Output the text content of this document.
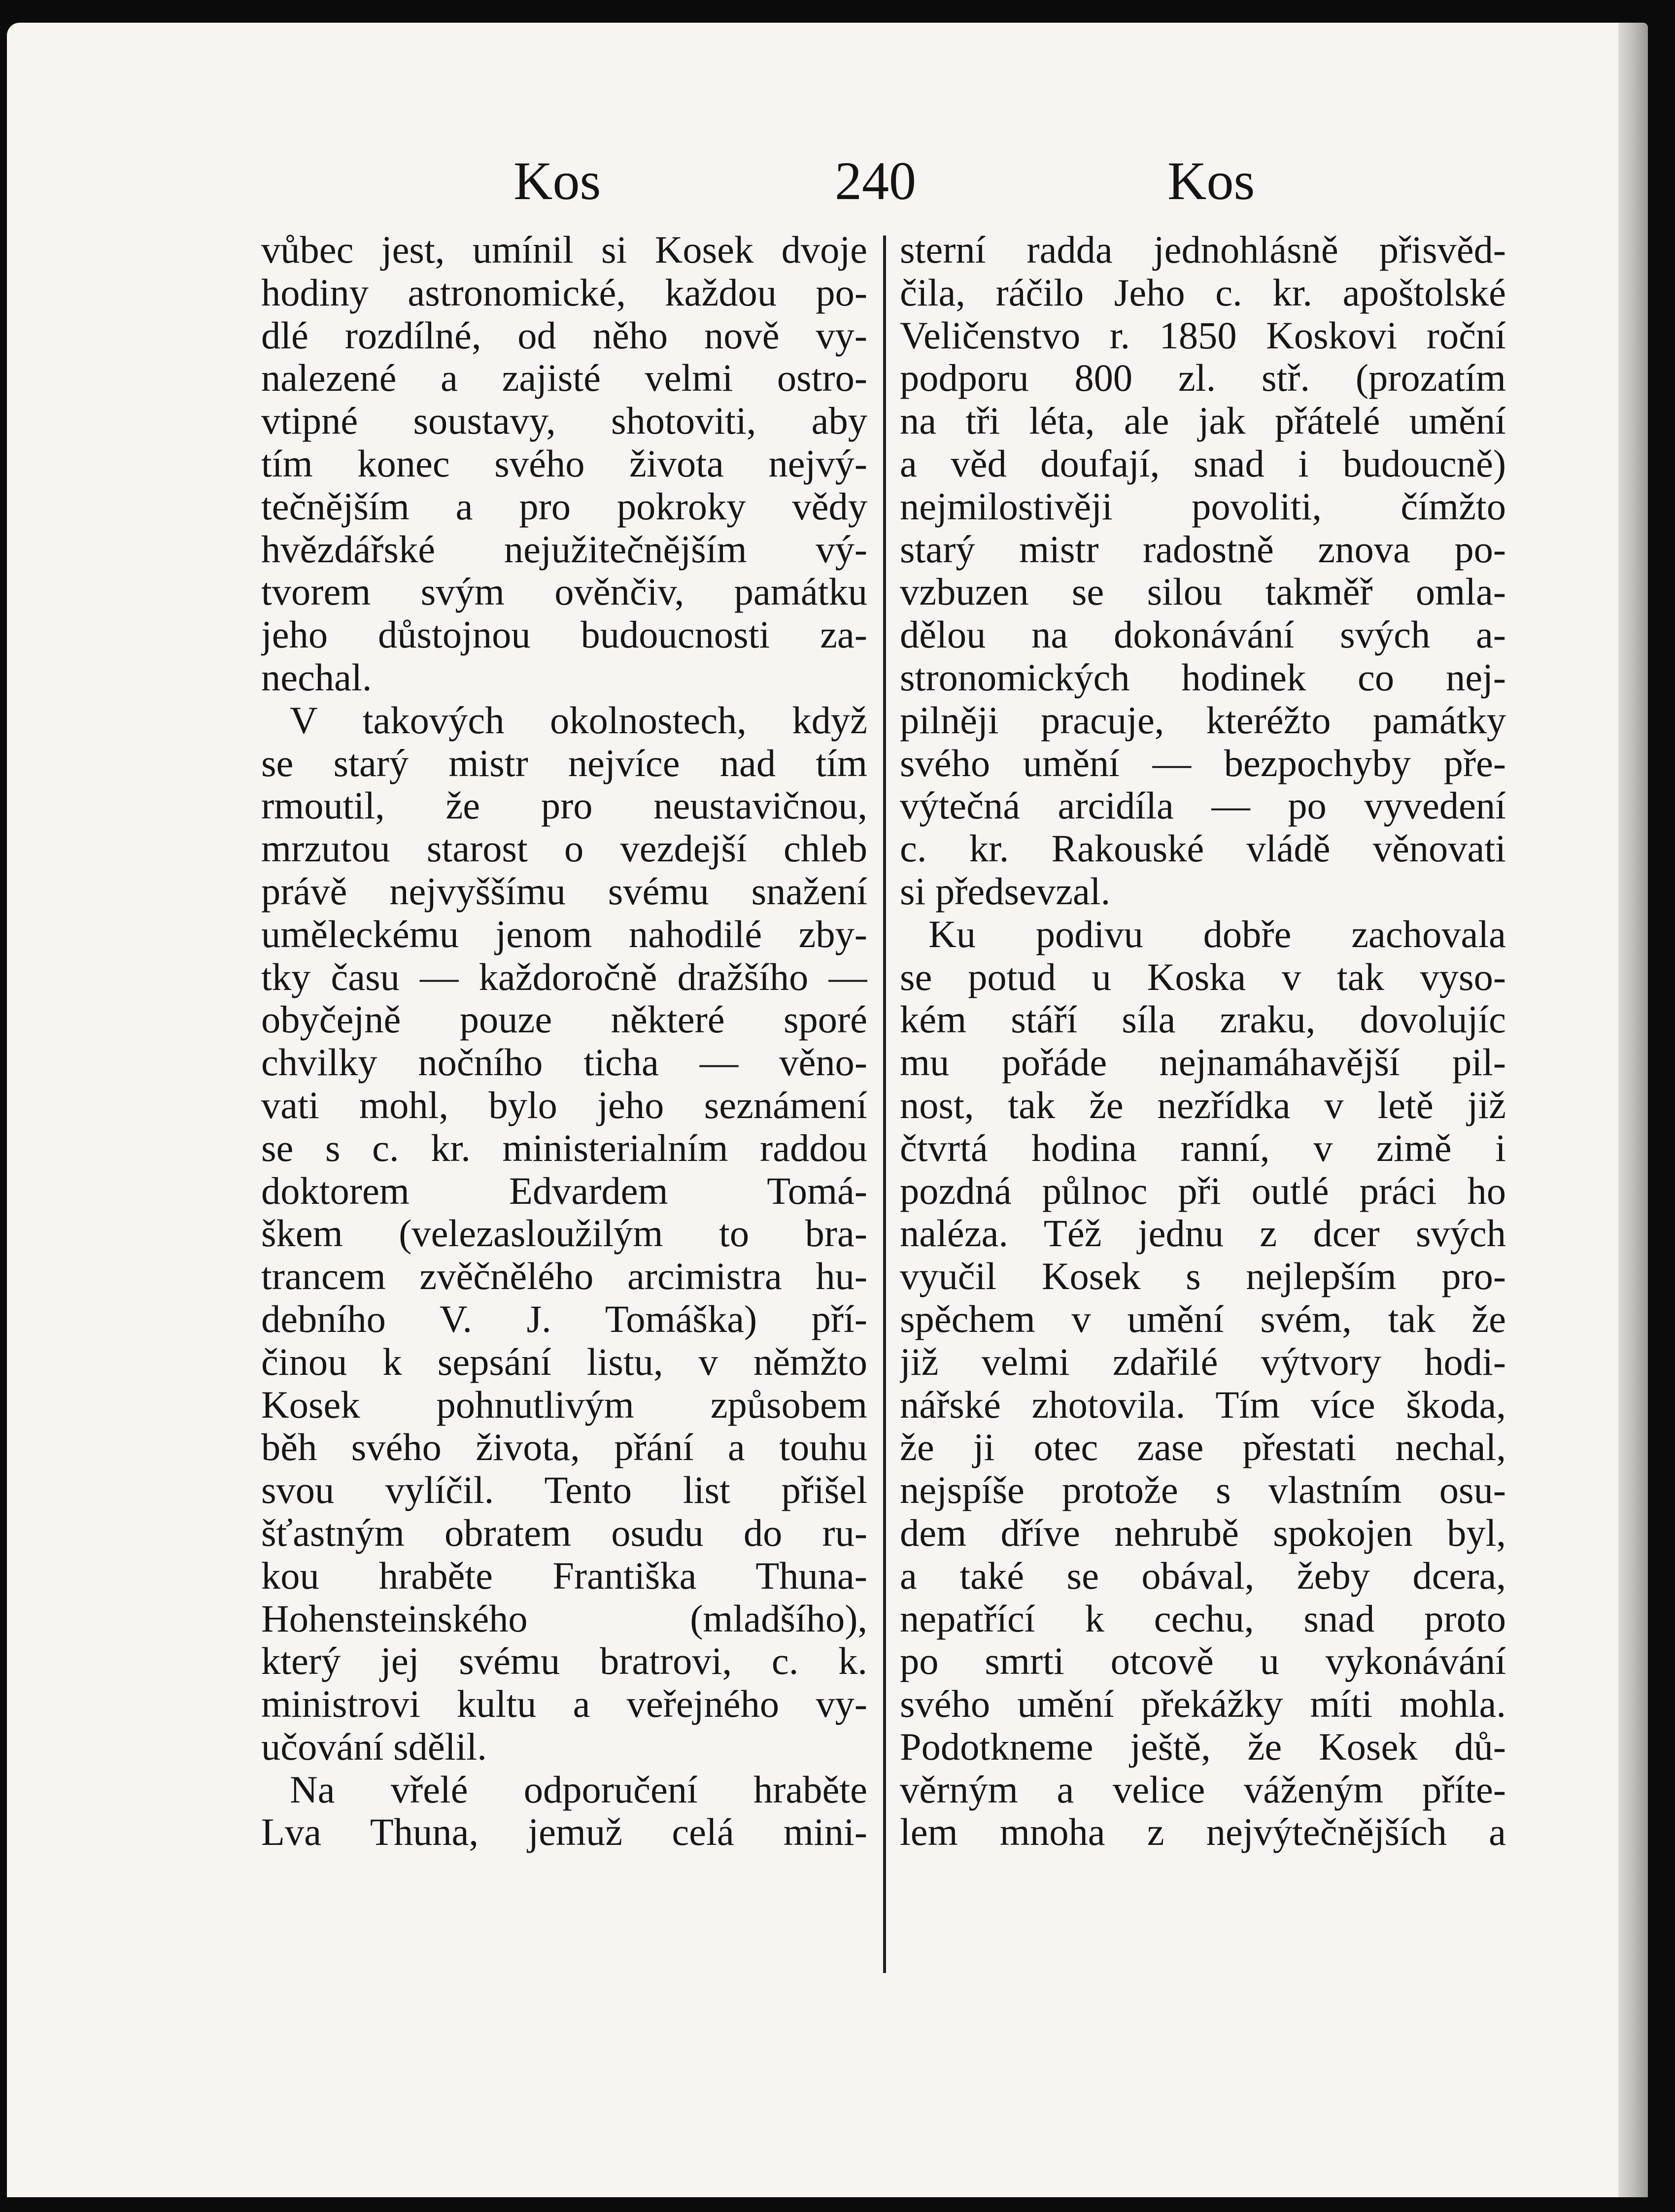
Kos	240	Kos
vůbec jest, umínil si Kosek dvoje
hodiny astronomické, každou po-
dlé rozdílné, od něho nově vy-
nalezené a zajisté velmi ostro-
vtipné soustavy, shotoviti, aby
tím konec svého života nejvý-
tečnějším a pro pokroky vědy
hvězdářské nejužitečnějším vý-
tvorem svým ověnčiv, památku
jeho důstojnou budoucnosti za-
nechal.
V takových okolnostech, když
se starý mistr nejvíce nad tím
rmoutil, že pro neustavičnou,
mrzutou starost o vezdejší chleb
právě nejvyššímu svému snažení
uměleckému jenom nahodilé zby-
tky času — každoročně dražšího —
obyčejně pouze některé sporé
chvilky nočního ticha — věno-
vati mohl, bylo jeho seznámení
se s c. kr. ministerialním raddou
doktorem Edvardem Tomá-
škem (velezasloužilým to bra-
trancem zvěčnělého arcimistra hu-
debního V. J. Tomáška) pří-
činou k sepsání listu, v němžto
Kosek pohnutlivým způsobem
běh svého života, přání a touhu
svou vylíčil. Tento list přišel
šťastným obratem osudu do ru-
kou hraběte Františka Thuna-
Hohensteinského (mladšího),
který jej svému bratrovi, c. k.
ministrovi kultu a veřejného vy-
učování sdělil.
Na vřelé odporučení hraběte
Lva Thuna, jemuž celá mini-
sterní radda jednohlásně přisvěd-
čila, ráčilo Jeho c. kr. apoštolské
Veličenstvo r. 1850 Koskovi roční
podporu 800 zl. stř. (prozatím
na tři léta, ale jak přátelé umění
a věd doufají, snad i budoucně)
nejmilostivěji povoliti, čímžto
starý mistr radostně znova po-
vzbuzen se silou takměř omla-
dělou na dokonávání svých a-
stronomických hodinek co nej-
pilněji pracuje, kteréžto památky
svého umění — bezpochyby pře-
výtečná arcidíla — po vyvedení
c. kr. Rakouské vládě věnovati
si předsevzal.
Ku podivu dobře zachovala
se potud u Koska v tak vyso-
kém stáří síla zraku, dovolujíc
mu pořáde nejnamáhavější pil-
nost, tak že nezřídka v letě již
čtvrtá hodina ranní, v zimě i
pozdná půlnoc při outlé práci ho
naléza. Též jednu z dcer svých
vyučil Kosek s nejlepším pro-
spěchem v umění svém, tak že
již velmi zdařilé výtvory hodi-
nářské zhotovila. Tím více škoda,
že ji otec zase přestati nechal,
nejspíše protože s vlastním osu-
dem dříve nehrubě spokojen byl,
a také se obával, žeby dcera,
nepatřící k cechu, snad proto
po smrti otcově u vykonávání
svého umění překážky míti mohla.
Podotkneme ještě, že Kosek dů-
věrným a velice váženým příte-
lem mnoha z nejvýtečnějších a
